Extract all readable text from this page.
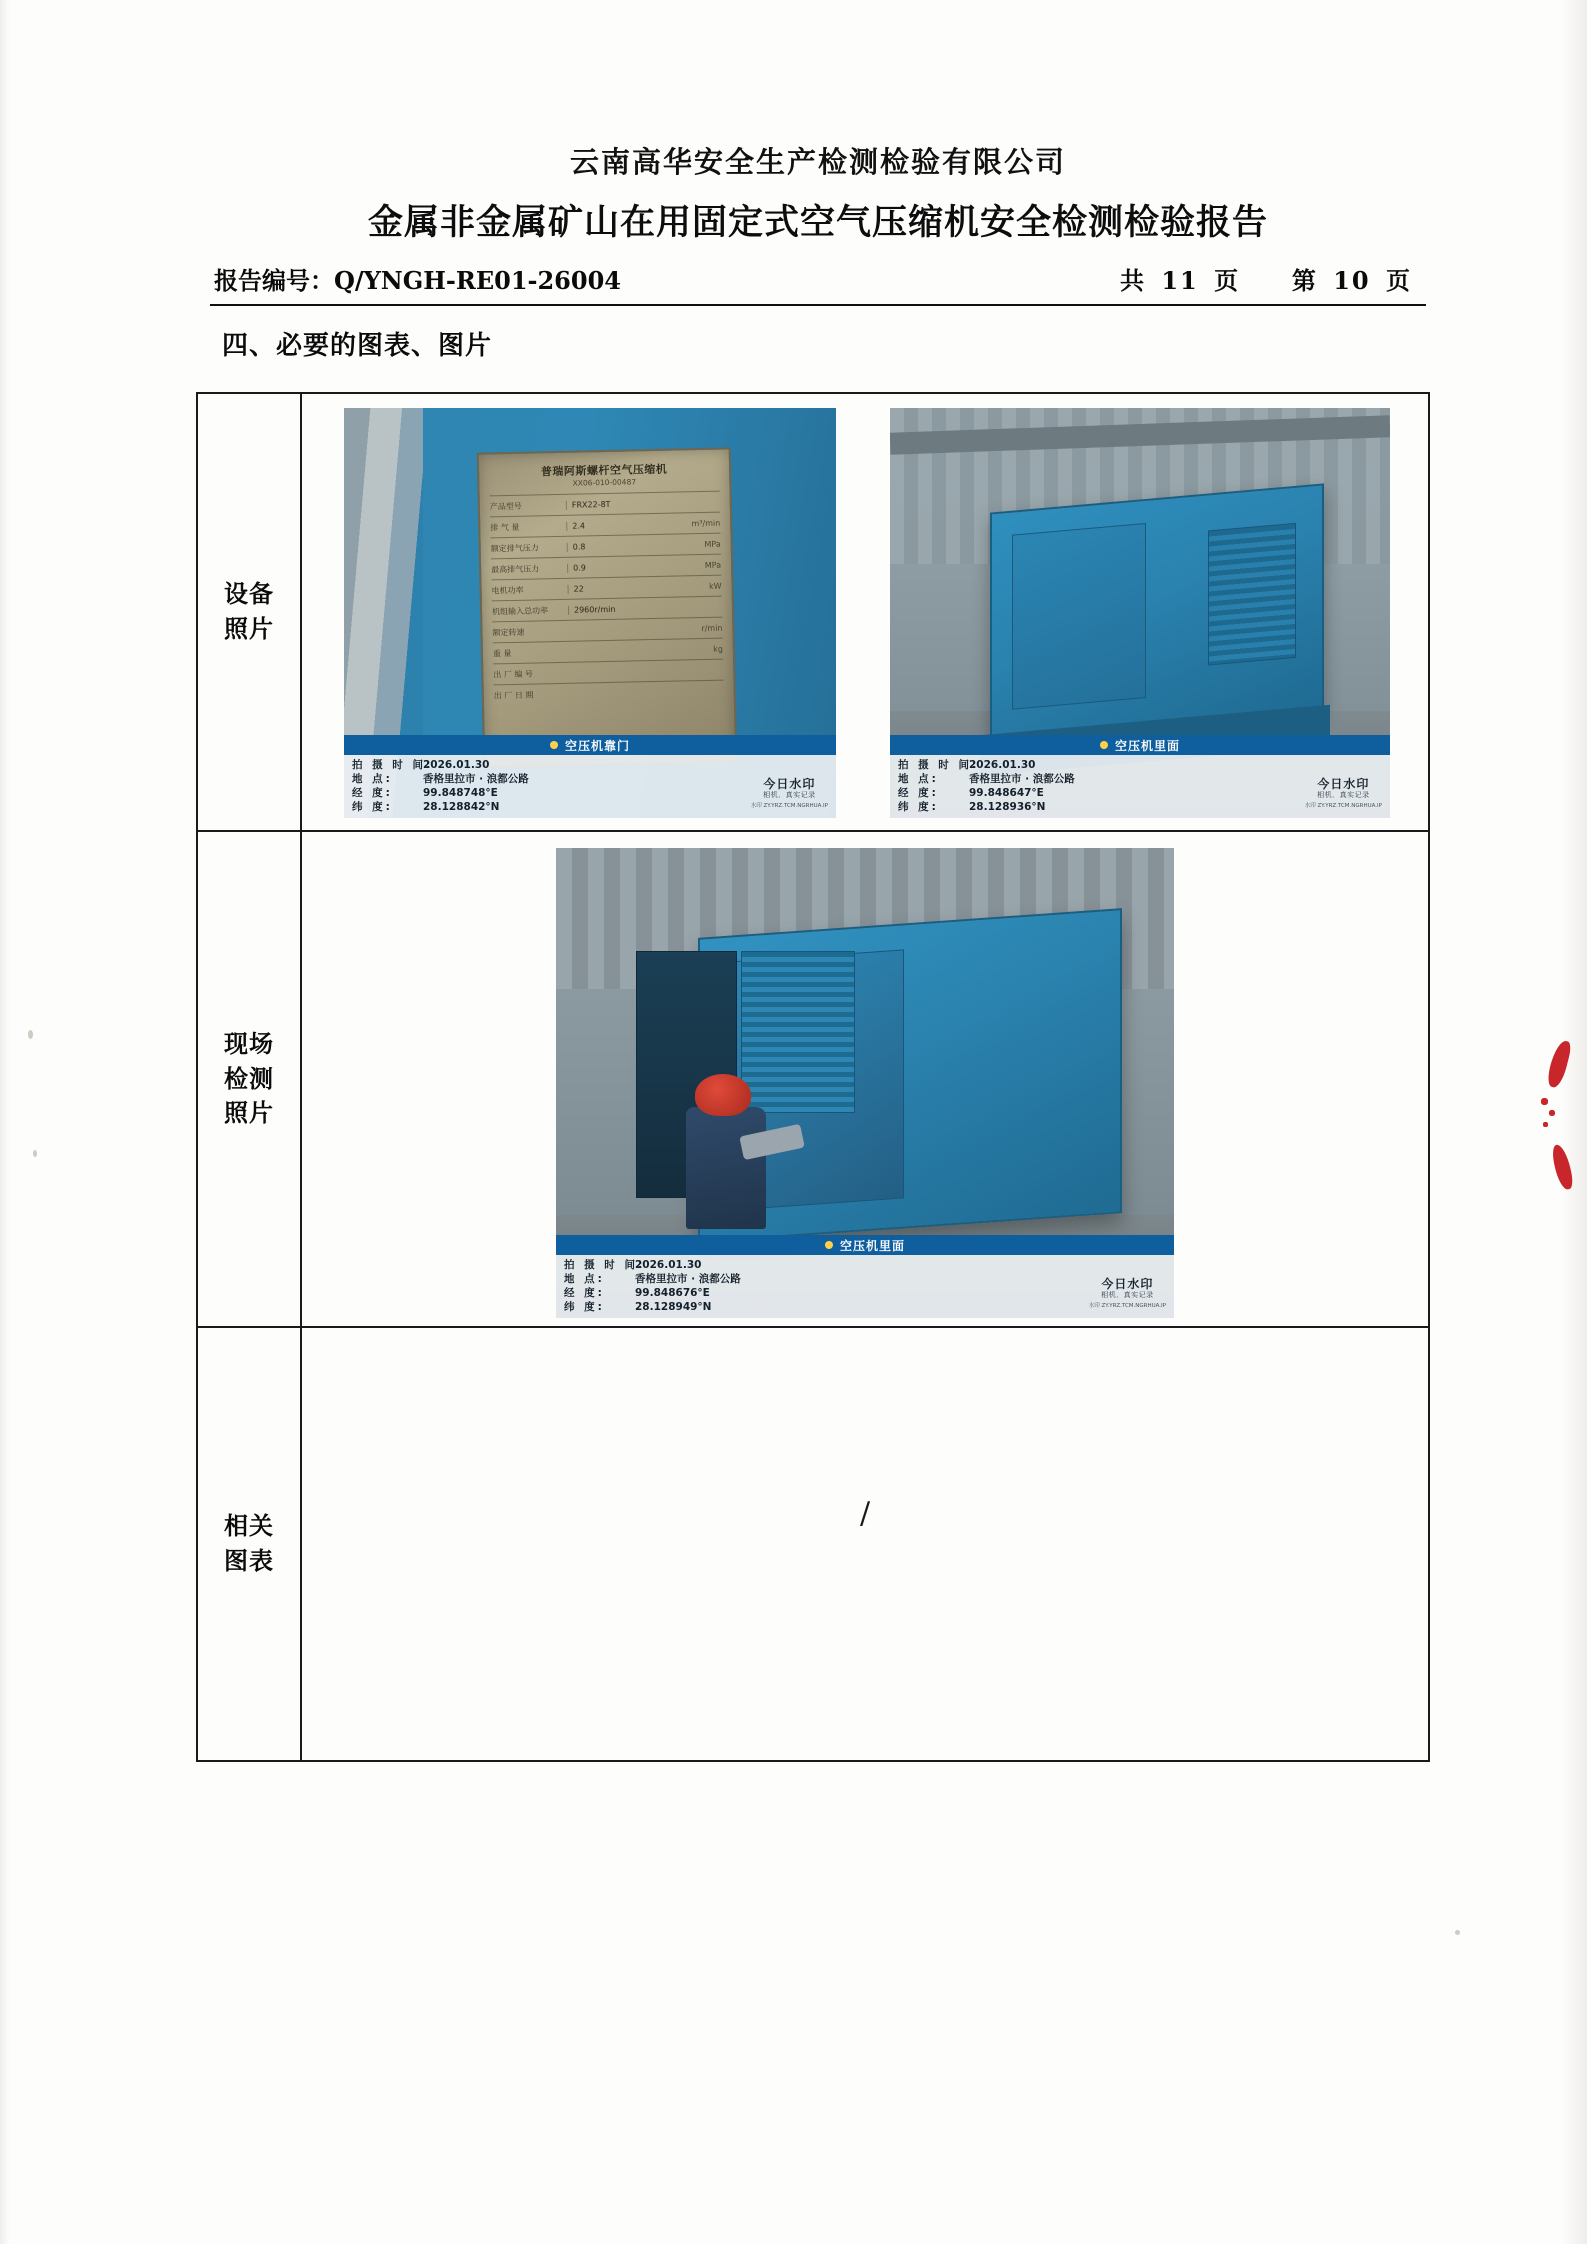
云南高华安全生产检测检验有限公司
金属非金属矿山在用固定式空气压缩机安全检测检验报告
报告编号：Q/YNGH-RE01-26004	共 11 页 第 10 页
四、必要的图表、图片
设备
照片
普瑞阿斯螺杆空气压缩机
XX06-010-00487
产品型号	FRX22-8T
排 气 量	2.4	m³/min
额定排气压力	0.8	MPa
最高排气压力	0.9	MPa
电机功率	22	kW
机组输入总功率	2960r/min
额定转速	r/min
重 量	kg
出 厂 编 号
出 厂 日 期
空压机靠门
拍 摄 时 间:
2026.01.30
地 点:	香格里拉市 · 浪都公路
经 度:	99.848748°E
纬 度:	28.128842°N
今日水印
相机．真实记录
水印 ZY.YRZ.TCM.NGRHUA.IP
空压机里面
拍 摄 时 间:
2026.01.30
地 点:	香格里拉市 · 浪都公路
经 度:	99.848647°E
纬 度:	28.128936°N
今日水印
相机．真实记录
水印 ZY.YRZ.TCM.NGRHUA.IP
现场
检测
照片
空压机里面
拍 摄 时 间:
2026.01.30
地 点:	香格里拉市 · 浪都公路
经 度:	99.848676°E
纬 度:	28.128949°N
今日水印
相机．真实记录
水印 ZY.YRZ.TCM.NGRHUA.IP
相关
图表
/
